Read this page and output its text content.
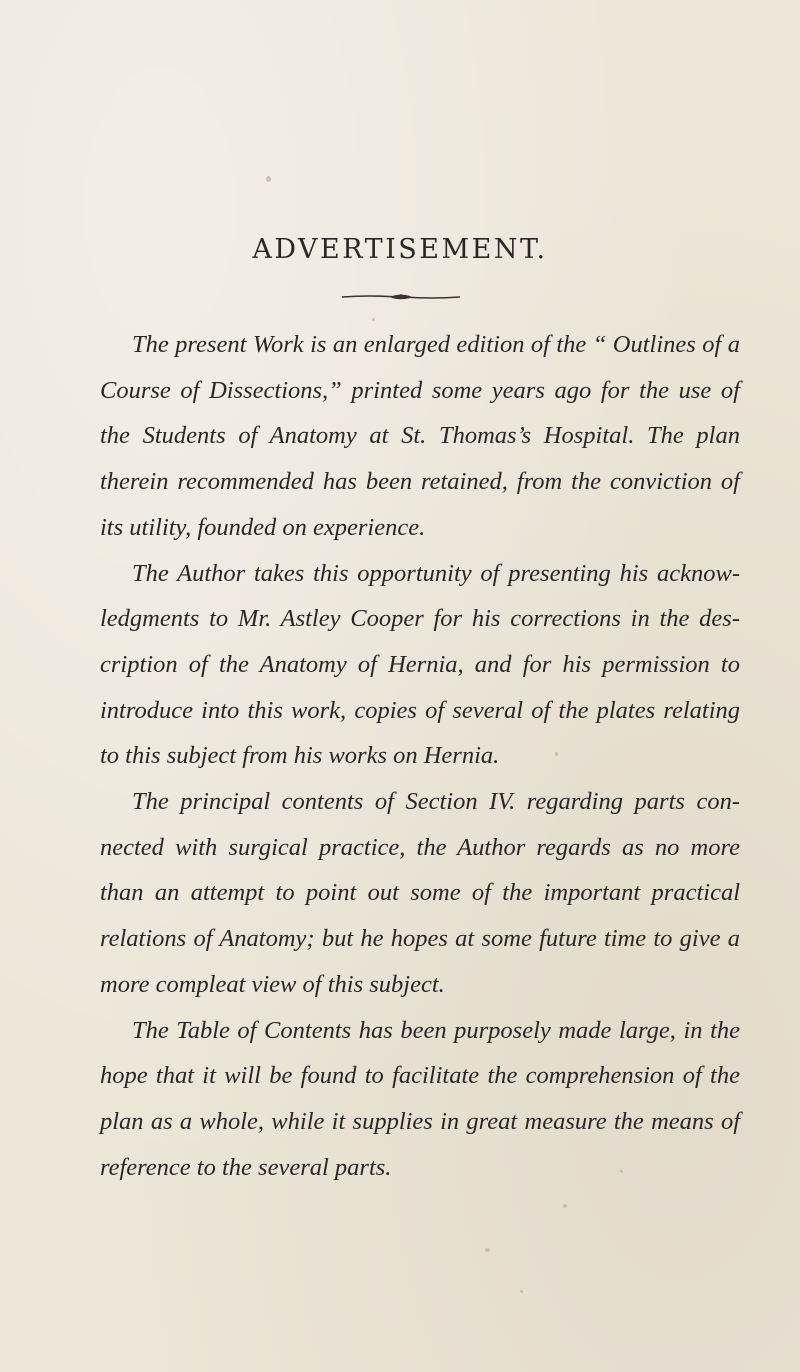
ADVERTISEMENT.

The present Work is an enlarged edition of the “ Outlines of a Course of Dissections,” printed some years ago for the use of the Students of Anatomy at St. Thomas’s Hospital. The plan therein recommended has been retained, from the conviction of its utility, founded on experience.

The Author takes this opportunity of presenting his acknow-ledgments to Mr. Astley Cooper for his corrections in the des-cription of the Anatomy of Hernia, and for his permission to introduce into this work, copies of several of the plates relating to this subject from his works on Hernia.

The principal contents of Section IV. regarding parts con-nected with surgical practice, the Author regards as no more than an attempt to point out some of the important practical relations of Anatomy; but he hopes at some future time to give a more compleat view of this subject.

The Table of Contents has been purposely made large, in the hope that it will be found to facilitate the comprehension of the plan as a whole, while it supplies in great measure the means of reference to the several parts.
